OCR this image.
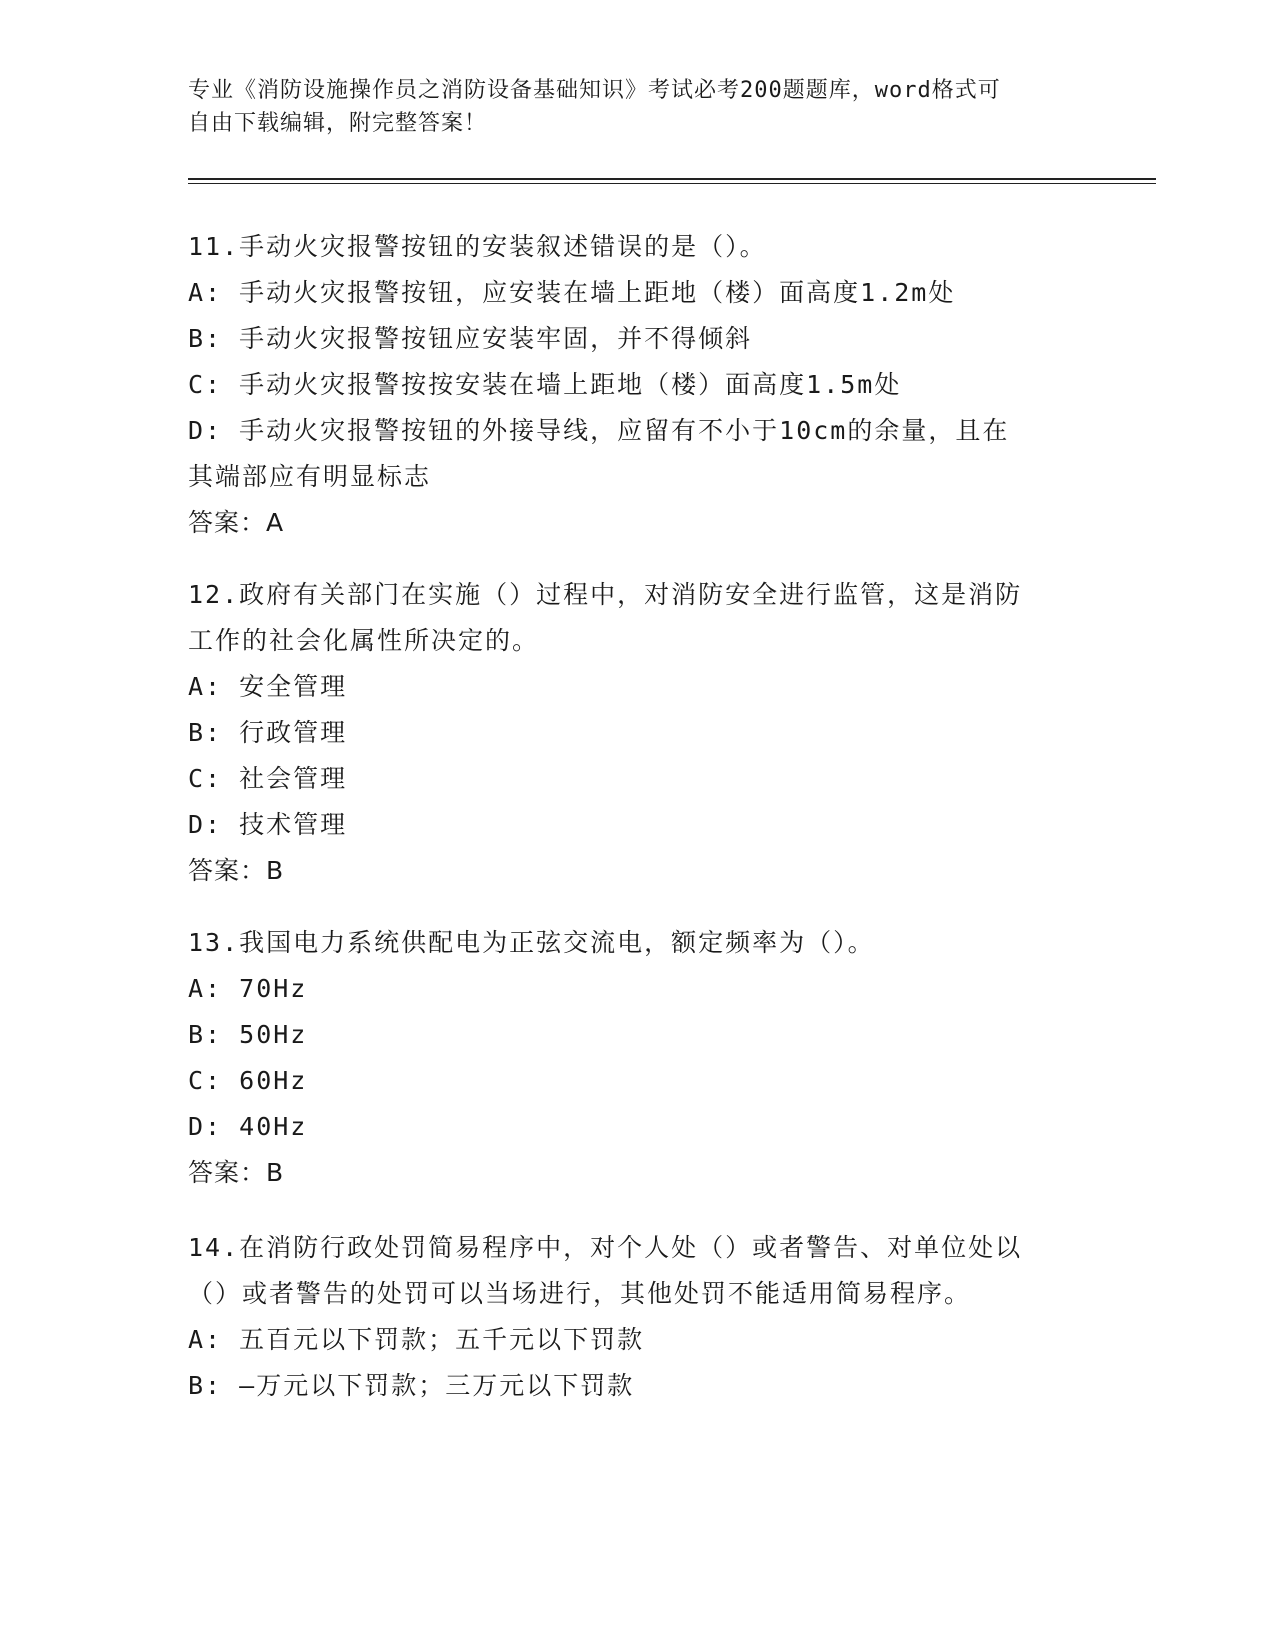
专业《消防设施操作员之消防设备基础知识》考试必考200题题库，word格式可
自由下载编辑，附完整答案！
11.手动火灾报警按钮的安装叙述错误的是（）。
A: 手动火灾报警按钮，应安装在墙上距地（楼）面高度1.2m处
B: 手动火灾报警按钮应安装牢固，并不得倾斜
C: 手动火灾报警按按安装在墙上距地（楼）面高度1.5m处
D: 手动火灾报警按钮的外接导线，应留有不小于10cm的余量，且在
其端部应有明显标志
答案：A
12.政府有关部门在实施（）过程中，对消防安全进行监管，这是消防
工作的社会化属性所决定的。
A: 安全管理
B: 行政管理
C: 社会管理
D: 技术管理
答案：B
13.我国电力系统供配电为正弦交流电，额定频率为（）。
A: 70Hz
B: 50Hz
C: 60Hz
D: 40Hz
答案：B
14.在消防行政处罚简易程序中，对个人处（）或者警告、对单位处以
（）或者警告的处罚可以当场进行，其他处罚不能适用简易程序。
A: 五百元以下罚款；五千元以下罚款
B: —万元以下罚款；三万元以下罚款
